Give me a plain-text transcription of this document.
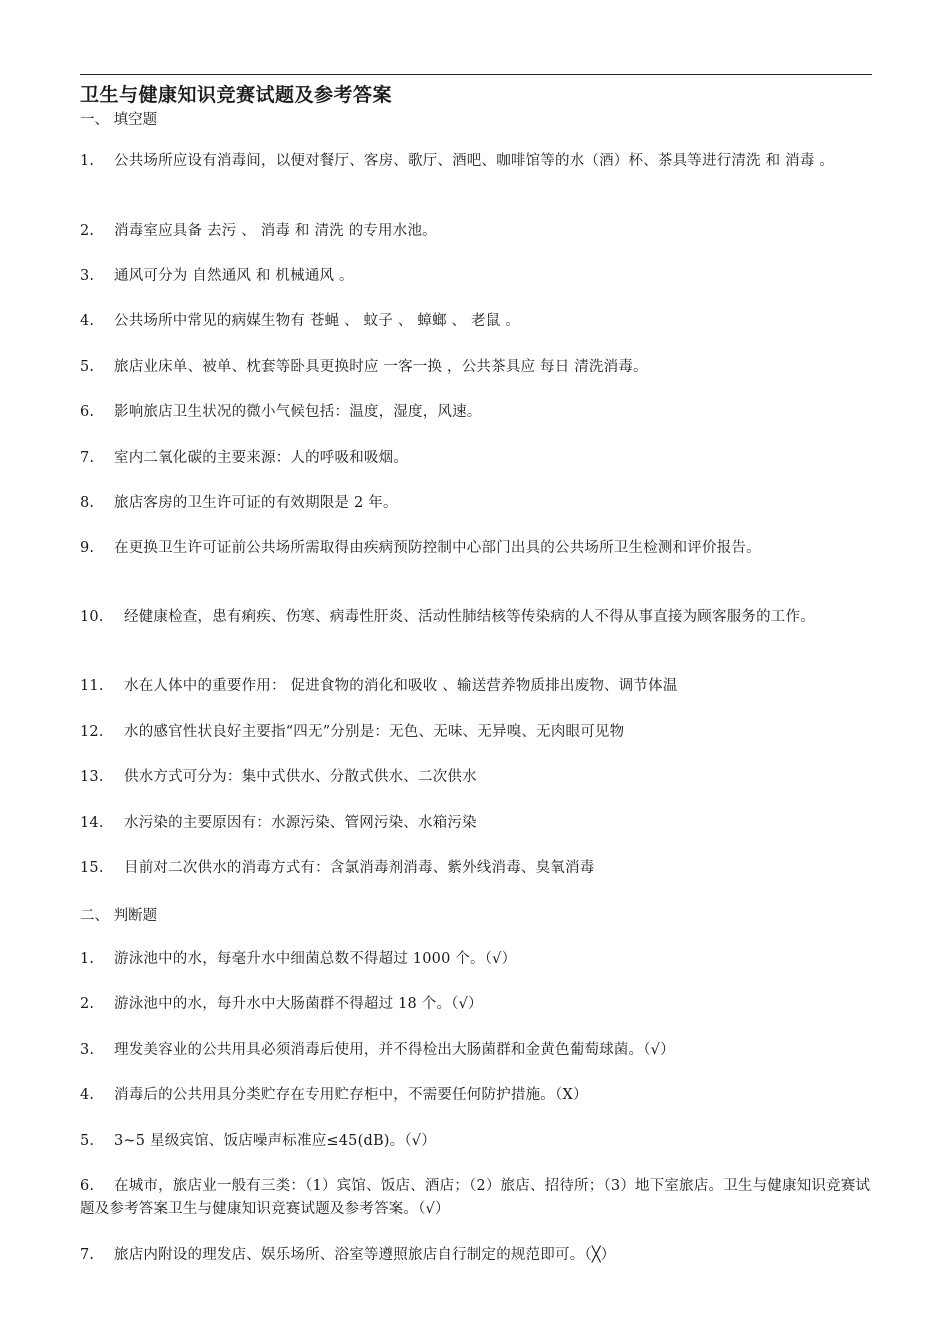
卫生与健康知识竞赛试题及参考答案
一、 填空题
1. 公共场所应设有消毒间，以便对餐厅、客房、歌厅、酒吧、咖啡馆等的水（酒）杯、茶具等进行清洗 和 消毒 。
2. 消毒室应具备 去污 、 消毒 和 清洗 的专用水池。
3. 通风可分为 自然通风 和 机械通风 。
4. 公共场所中常见的病媒生物有 苍蝇 、 蚊子 、 蟑螂 、 老鼠 。
5. 旅店业床单、被单、枕套等卧具更换时应 一客一换 ，公共茶具应 每日 清洗消毒。
6. 影响旅店卫生状况的微小气候包括：温度，湿度，风速。
7. 室内二氧化碳的主要来源：人的呼吸和吸烟。
8. 旅店客房的卫生许可证的有效期限是 2 年。
9. 在更换卫生许可证前公共场所需取得由疾病预防控制中心部门出具的公共场所卫生检测和评价报告。
10. 经健康检查，患有痢疾、伤寒、病毒性肝炎、活动性肺结核等传染病的人不得从事直接为顾客服务的工作。
11. 水在人体中的重要作用： 促进食物的消化和吸收 、输送营养物质排出废物、调节体温
12. 水的感官性状良好主要指“四无”分别是：无色、无味、无异嗅、无肉眼可见物
13. 供水方式可分为：集中式供水、分散式供水、二次供水
14. 水污染的主要原因有：水源污染、管网污染、水箱污染
15. 目前对二次供水的消毒方式有：含氯消毒剂消毒、紫外线消毒、臭氧消毒
二、 判断题
1. 游泳池中的水，每毫升水中细菌总数不得超过 1000 个。（√）
2. 游泳池中的水，每升水中大肠菌群不得超过 18 个。（√）
3. 理发美容业的公共用具必须消毒后使用，并不得检出大肠菌群和金黄色葡萄球菌。（√）
4. 消毒后的公共用具分类贮存在专用贮存柜中，不需要任何防护措施。（X）
5. 3~5 星级宾馆、饭店噪声标准应≤45(dB)。（√）
6. 在城市，旅店业一般有三类：（1）宾馆、饭店、酒店；（2）旅店、招待所；（3）地下室旅店。卫生与健康知识竞赛试题及参考答案卫生与健康知识竞赛试题及参考答案。（√）
7. 旅店内附设的理发店、娱乐场所、浴室等遵照旅店自行制定的规范即可。（╳）
